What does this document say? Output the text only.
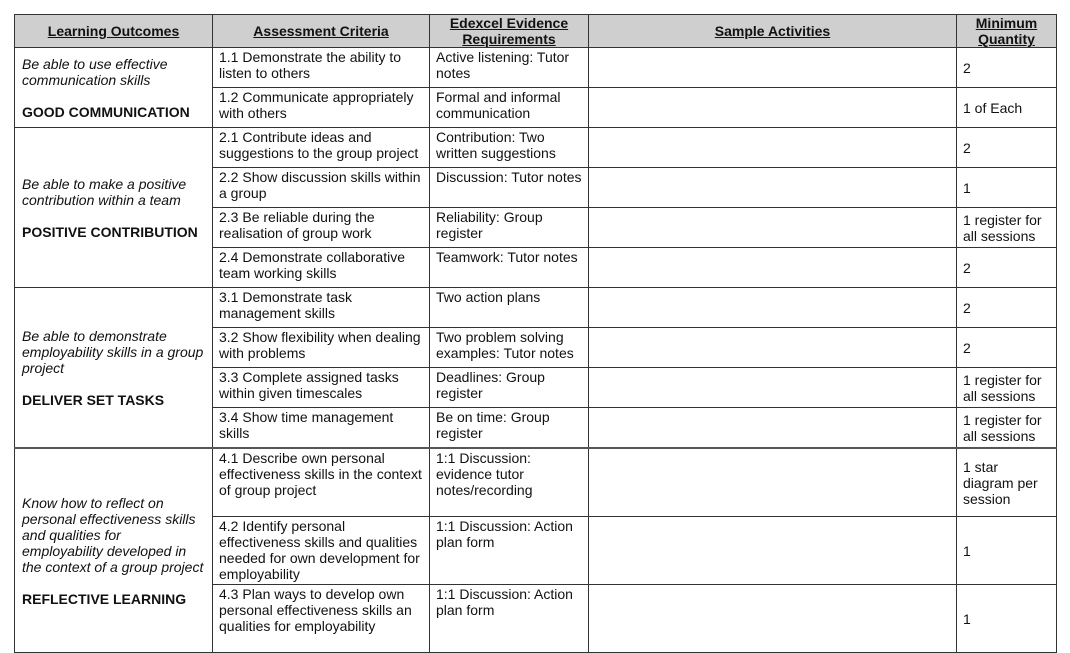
Learning Outcomes	Assessment Criteria	Edexcel Evidence Requirements	Sample Activities	Minimum Quantity

Be able to use effective communication skills
GOOD COMMUNICATION	1.1 Demonstrate the ability to listen to others	Active listening: Tutor notes		2
	1.2 Communicate appropriately with others	Formal and informal communication		1 of Each

Be able to make a positive contribution within a team
POSITIVE CONTRIBUTION	2.1 Contribute ideas and suggestions to the group project	Contribution: Two written suggestions		2
	2.2 Show discussion skills within a group	Discussion: Tutor notes		1
	2.3 Be reliable during the realisation of group work	Reliability: Group register		1 register for all sessions
	2.4 Demonstrate collaborative team working skills	Teamwork: Tutor notes		2

Be able to demonstrate employability skills in a group project
DELIVER SET TASKS	3.1 Demonstrate task management skills	Two action plans		2
	3.2 Show flexibility when dealing with problems	Two problem solving examples: Tutor notes		2
	3.3 Complete assigned tasks within given timescales	Deadlines: Group register		1 register for all sessions
	3.4 Show time management skills	Be on time: Group register		1 register for all sessions

Know how to reflect on personal effectiveness skills and qualities for employability developed in the context of a group project
REFLECTIVE LEARNING	4.1 Describe own personal effectiveness skills in the context of group project	1:1 Discussion: evidence tutor notes/recording		1 star diagram per session
	4.2 Identify personal effectiveness skills and qualities needed for own development for employability	1:1 Discussion: Action plan form		1
	4.3 Plan ways to develop own personal effectiveness skills an qualities for employability	1:1 Discussion: Action plan form		1
